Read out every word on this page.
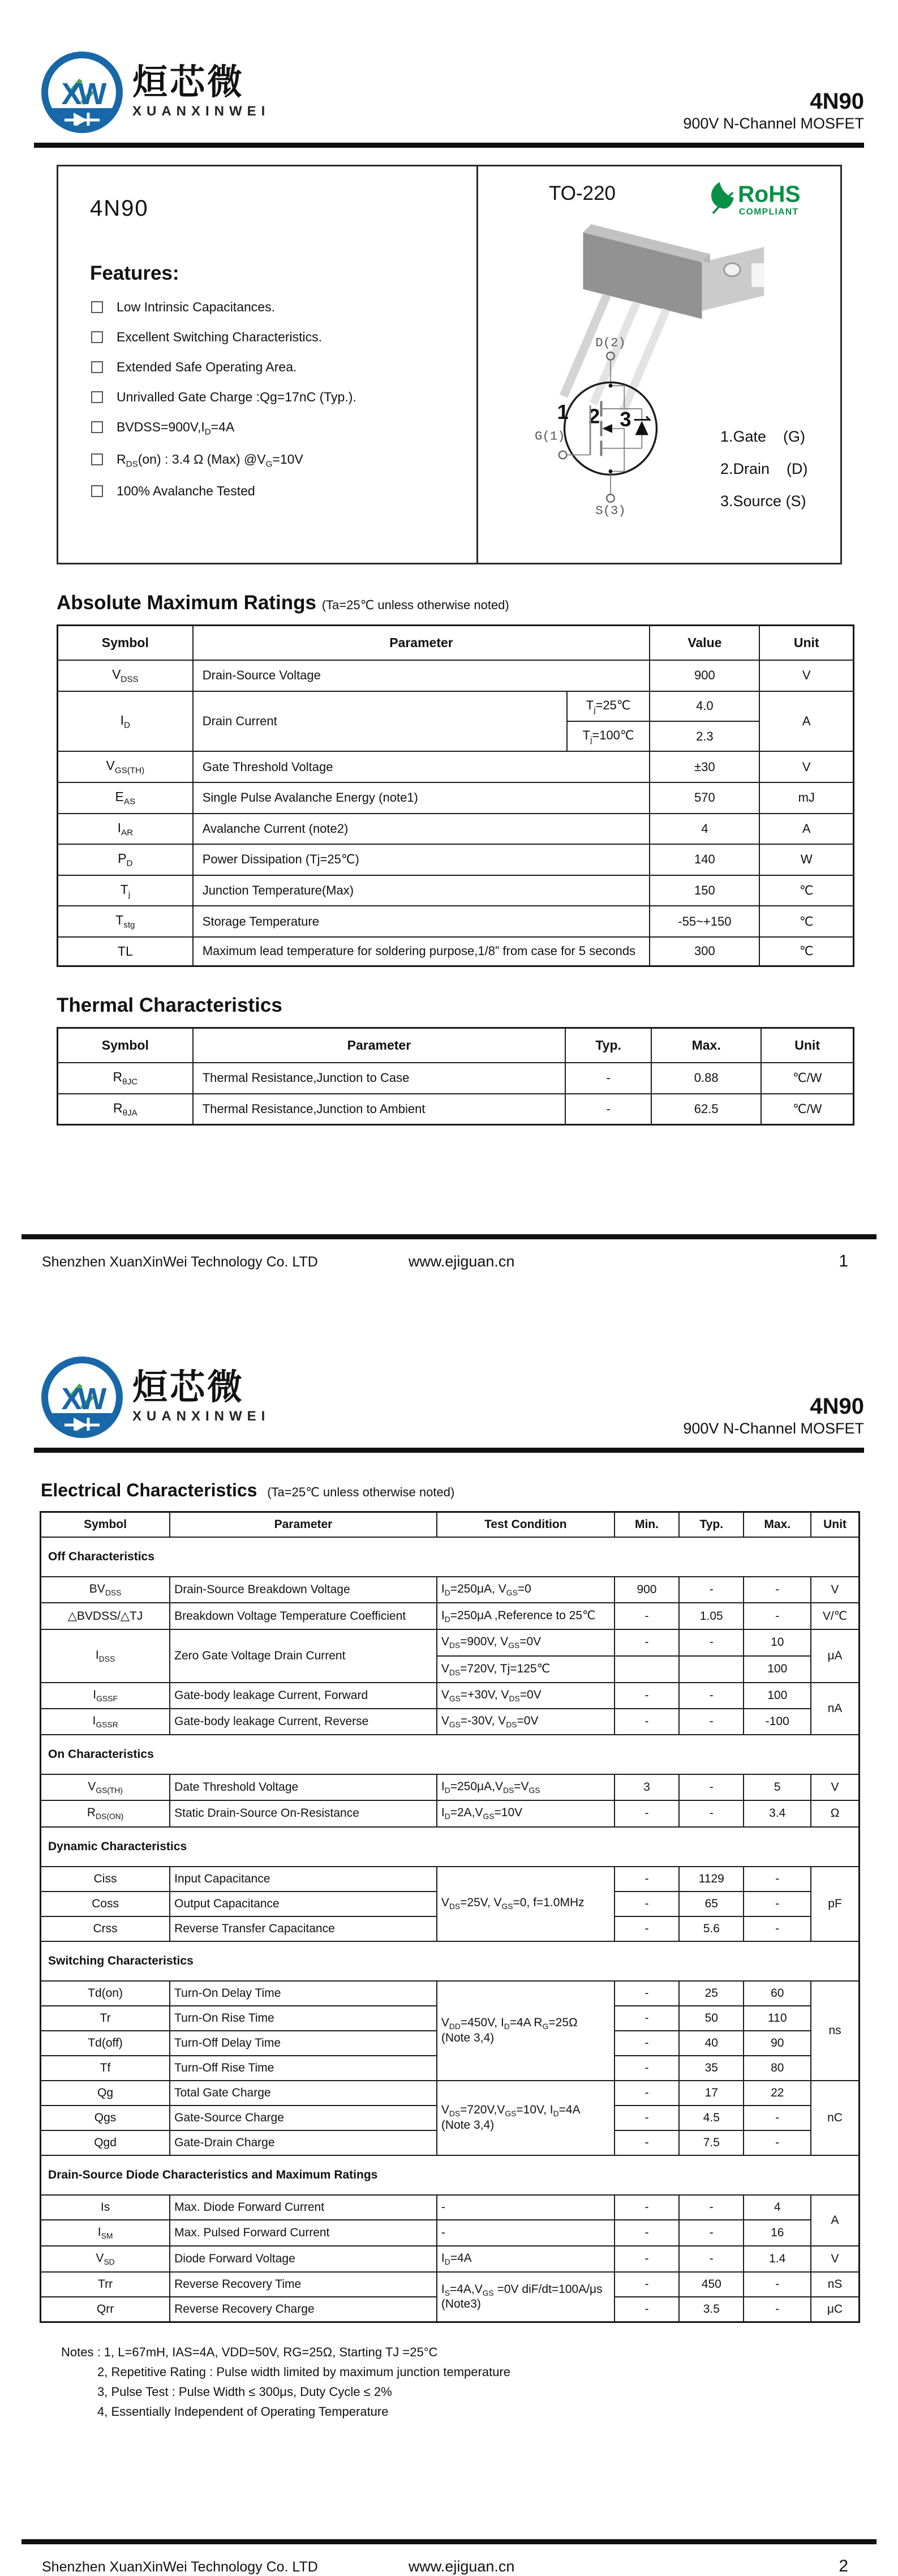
XW 烜芯微
XUANXINWEI	4N90
900V N-Channel MOSFET
4N90
Features:
Low Intrinsic Capacitances.
Excellent Switching Characteristics.
Extended Safe Operating Area.
Unrivalled Gate Charge :Qg=17nC (Typ.).
$BVDSS=900V,I_D=4A$
$R_{DS}(on)$ : 3.4 Ω (Max) $@V_G=10V$
100% Avalanche Tested
TO-220	RoHS
COMPLIANT
1 2 3
D(2)
G(1)
S(3)
1.Gate    (G)
2.Drain    (D)
3.Source (S)
Absolute Maximum Ratings (Ta=25℃ unless otherwise noted)
Symbol	Parameter		Value	Unit
$V_{DSS}$	Drain-Source Voltage		900	V
$I_D$	Drain Current	$T_j=25℃$	4.0	A
		$T_j=100℃$	2.3	
$V_{GS(TH)}$	Gate Threshold Voltage		±30	V
$E_{AS}$	Single Pulse Avalanche Energy (note1)		570	mJ
$I_{AR}$	Avalanche Current (note2)		4	A
$P_D$	Power Dissipation (Tj=25℃)		140	W
$T_j$	Junction Temperature(Max)		150	℃
$T_{stg}$	Storage Temperature		-55~+150	℃
TL	Maximum lead temperature for soldering purpose,1/8” from case for 5 seconds		300	℃
Thermal Characteristics
Symbol	Parameter	Typ.	Max.	Unit
$R_{\theta JC}$	Thermal Resistance,Junction to Case	-	0.88	℃/W
$R_{\theta JA}$	Thermal Resistance,Junction to Ambient	-	62.5	℃/W
Shenzhen XuanXinWei Technology Co. LTD	www.ejiguan.cn	1
XW 烜芯微
XUANXINWEI	4N90
900V N-Channel MOSFET
Electrical Characteristics (Ta=25℃ unless otherwise noted)
Symbol	Parameter	Test Condition	Min.	Typ.	Max.	Unit
Off Characteristics						
$BV_{DSS}$	Drain-Source Breakdown Voltage	$I_D=250\mu A$, $V_{GS}=0$	900	-	-	V
△BVDSS/△TJ	Breakdown Voltage Temperature Coefficient	$I_D=250\mu A$ ,Reference to 25℃	-	1.05	-	V/℃
$I_{DSS}$	Zero Gate Voltage Drain Current	$V_{DS}=900V$, $V_{GS}=0V$	-	-	10	μA
		$V_{DS}=720V$, Tj=125℃			100	
$I_{GSSF}$	Gate-body leakage Current, Forward	$V_{GS}=+30V$, $V_{DS}=0V$	-	-	100	nA
$I_{GSSR}$	Gate-body leakage Current, Reverse	$V_{GS}=-30V$, $V_{DS}=0V$	-	-	-100	
On Characteristics						
$V_{GS(TH)}$	Date Threshold Voltage	$I_D=250\mu A,V_{DS}=V_{GS}$	3	-	5	V
$R_{DS(ON)}$	Static Drain-Source On-Resistance	$I_D=2A,V_{GS}=10V$	-	-	3.4	Ω
Dynamic Characteristics						
Ciss	Input Capacitance	$V_{DS}=25V$, $V_{GS}=0$, f=1.0MHz	-	1129	-	pF
Coss	Output Capacitance		-	65	-	
Crss	Reverse Transfer Capacitance		-	5.6	-	
Switching Characteristics						
Td(on)	Turn-On Delay Time	$V_{DD}=450V$, $I_D=4A$ $R_G=25\Omega$ (Note 3,4)	-	25	60	ns
Tr	Turn-On Rise Time		-	50	110	
Td(off)	Turn-Off Delay Time		-	40	90	
Tf	Turn-Off Rise Time		-	35	80	
Qg	Total Gate Charge	$V_{DS}=720V,V_{GS}=10V$, $I_D=4A$ (Note 3,4)	-	17	22	nC
Qgs	Gate-Source Charge		-	4.5	-	
Qgd	Gate-Drain Charge		-	7.5	-	
Drain-Source Diode Characteristics and Maximum Ratings						
Is	Max. Diode Forward Current	-	-	-	4	A
$I_{SM}$	Max. Pulsed Forward Current	-	-	-	16	
$V_{SD}$	Diode Forward Voltage	$I_D=4A$	-	-	1.4	V
Trr	Reverse Recovery Time	$I_S=4A,V_{GS} =0V$ diF/dt=100A/μs (Note3)	-	450	-	nS
Qrr	Reverse Recovery Charge		-	3.5	-	μC
Notes : 1, L=67mH, IAS=4A, VDD=50V, RG=25Ω, Starting TJ =25°C
2, Repetitive Rating : Pulse width limited by maximum junction temperature
3, Pulse Test : Pulse Width ≤ 300μs, Duty Cycle ≤ 2%
4, Essentially Independent of Operating Temperature
Shenzhen XuanXinWei Technology Co. LTD	www.ejiguan.cn	2
